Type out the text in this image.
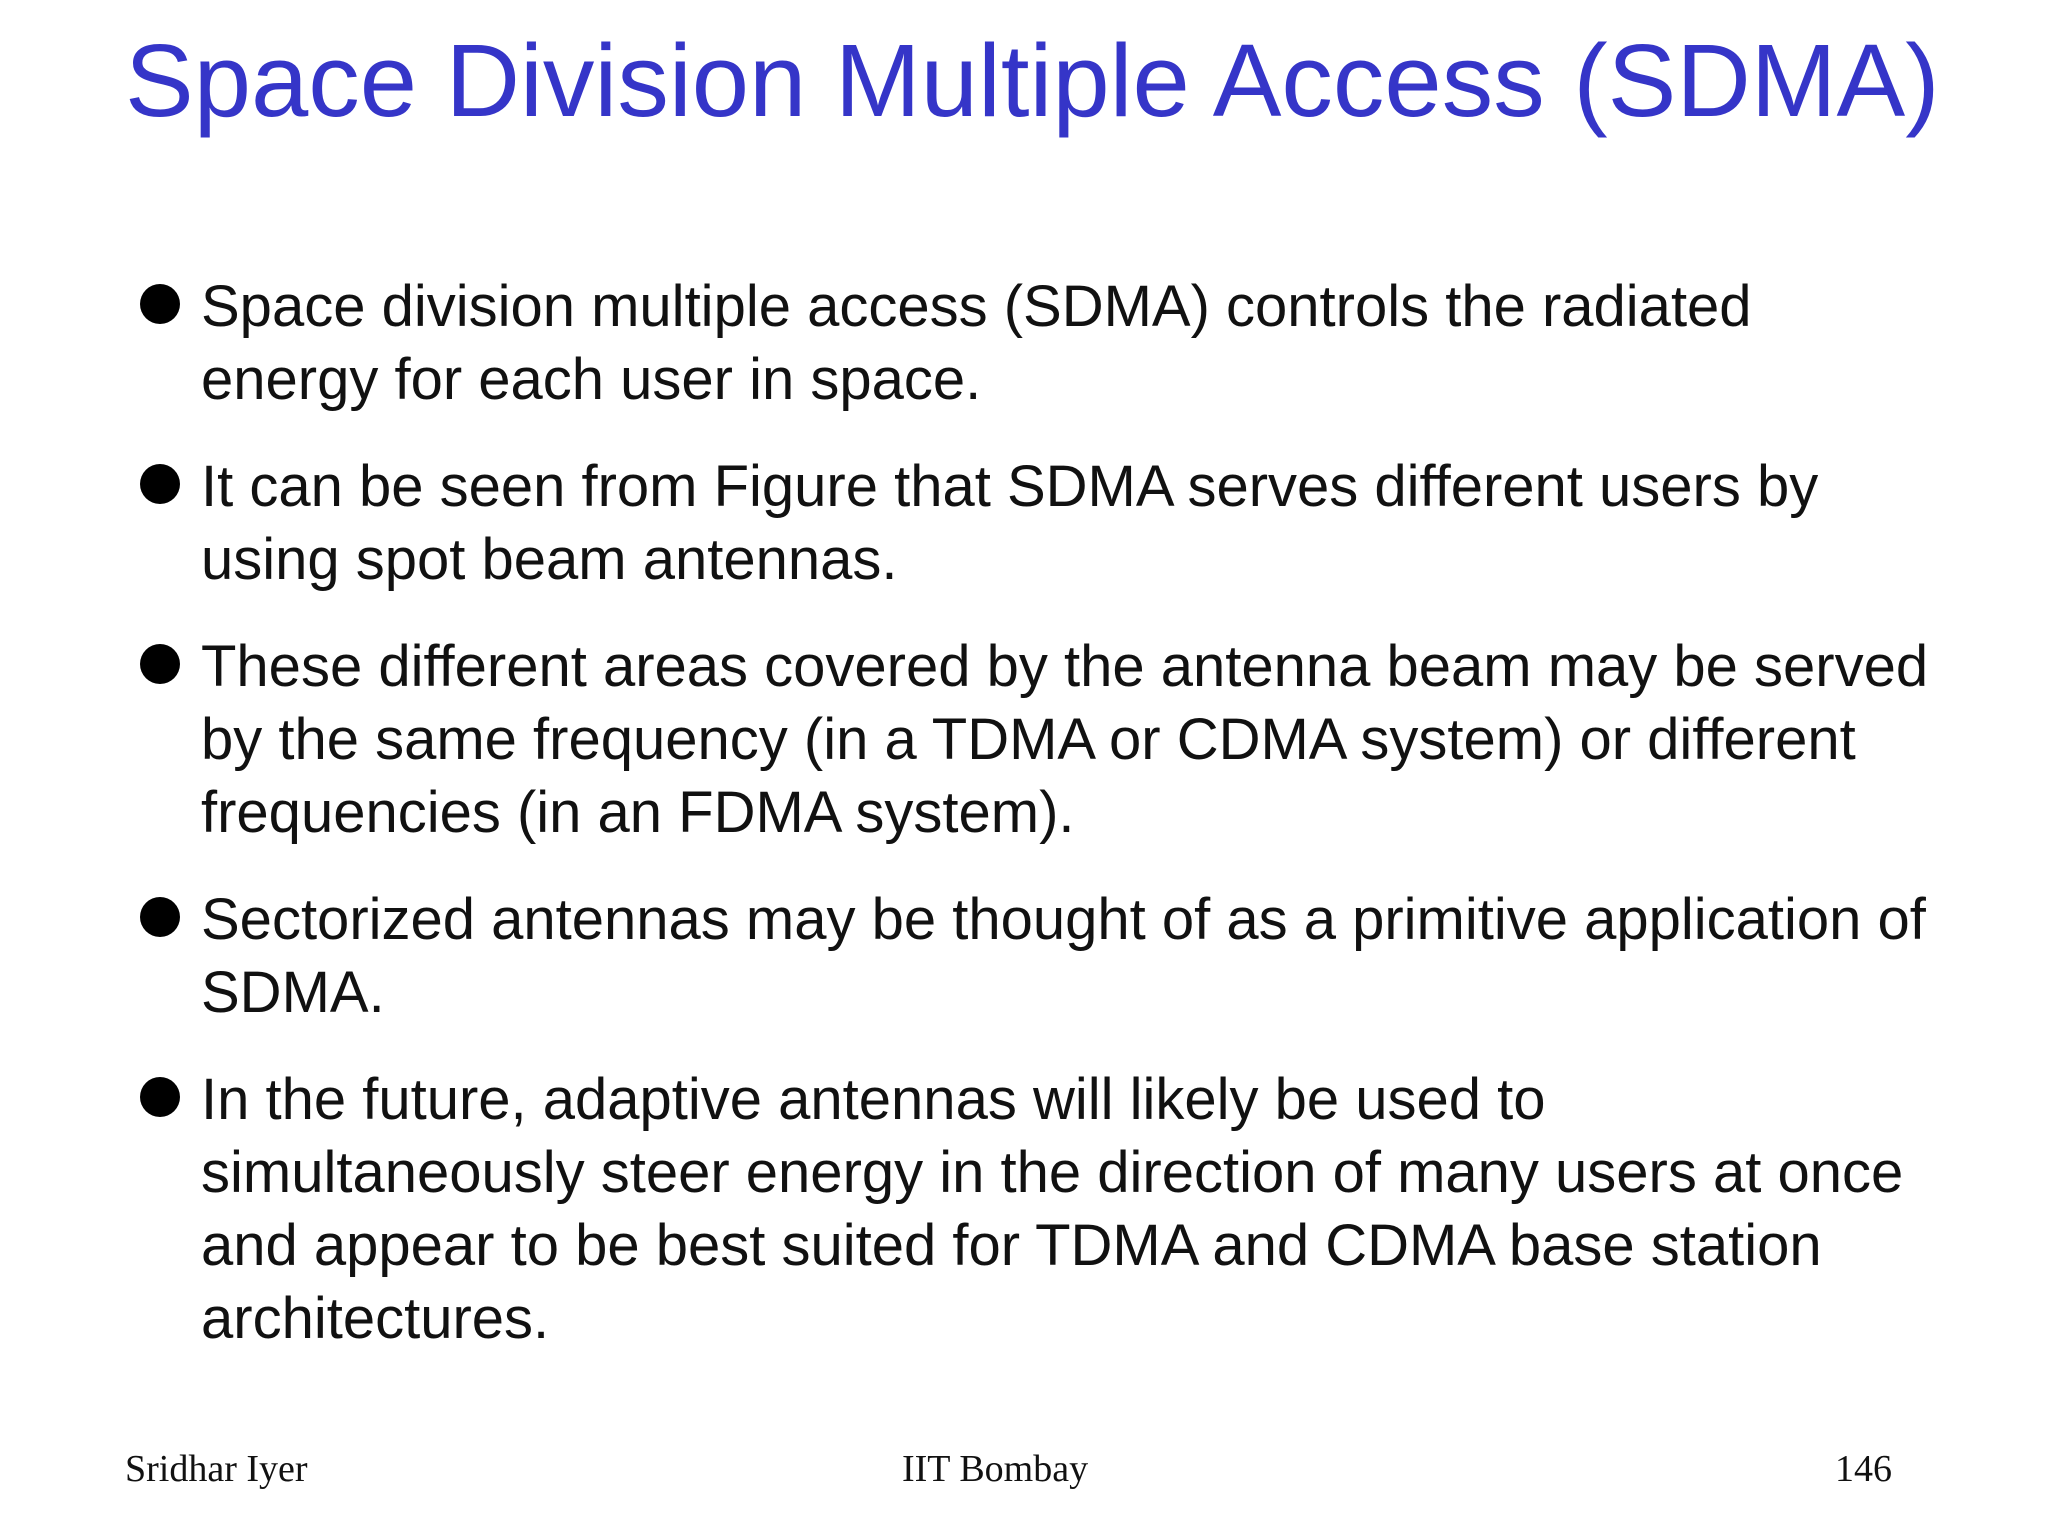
Space Division Multiple Access (SDMA)
Space division multiple access (SDMA) controls the radiated energy for each user in space.
It can be seen from Figure that SDMA serves different users by using spot beam antennas.
These different areas covered by the antenna beam may be served by the same frequency (in a TDMA or CDMA system) or different frequencies (in an FDMA system).
Sectorized antennas may be thought of as a primitive application of SDMA.
In the future, adaptive antennas will likely be used to simultaneously steer energy in the direction of many users at once and appear to be best suited for TDMA and CDMA base station architectures.
Sridhar Iyer	IIT Bombay	146
